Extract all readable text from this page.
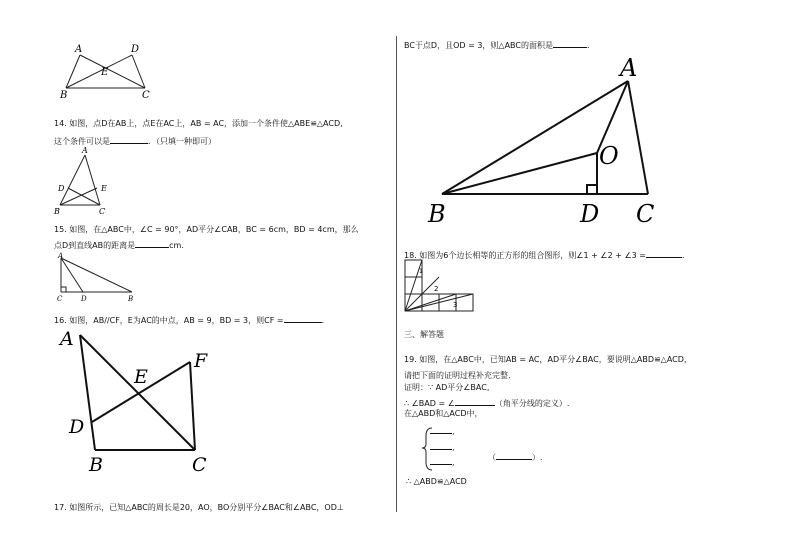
A	D
E
B	C
14. 如图，点D在AB上，点E在AC上，AB = AC，添加一个条件使△ABE≌△ACD,
这个条件可以是	．（只填一种即可）
A
D	E
B	C
15. 如图，在△ABC中，∠C = 90°，AD平分∠CAB，BC = 6cm，BD = 4cm，那么
点D到直线AB的距离是	cm.
A
C	D	B
16. 如图，AB//CF，E为AC的中点，AB = 9，BD = 3，则CF =	.
A
E
F
D
B	C
17. 如图所示，已知△ABC的周长是20，AO，BO分别平分∠BAC和∠ABC，OD⊥
BC于点D，且OD = 3，则△ABC的面积是	.
A
O
B	D C
18. 如图为6个边长相等的正方形的组合图形，则∠1 + ∠2 + ∠3 =	.
1
2
3
三、解答题
19. 如图，在△ABC中，已知AB = AC，AD平分∠BAC，要说明△ABD≌△ACD，
请把下面的证明过程补充完整.
证明：∵ AD平分∠BAC,
∴ ∠BAD = ∠	（角平分线的定义）.
在△ABD和△ACD中，
,
,
,
（	）.
∴ △ABD≌△ACD
